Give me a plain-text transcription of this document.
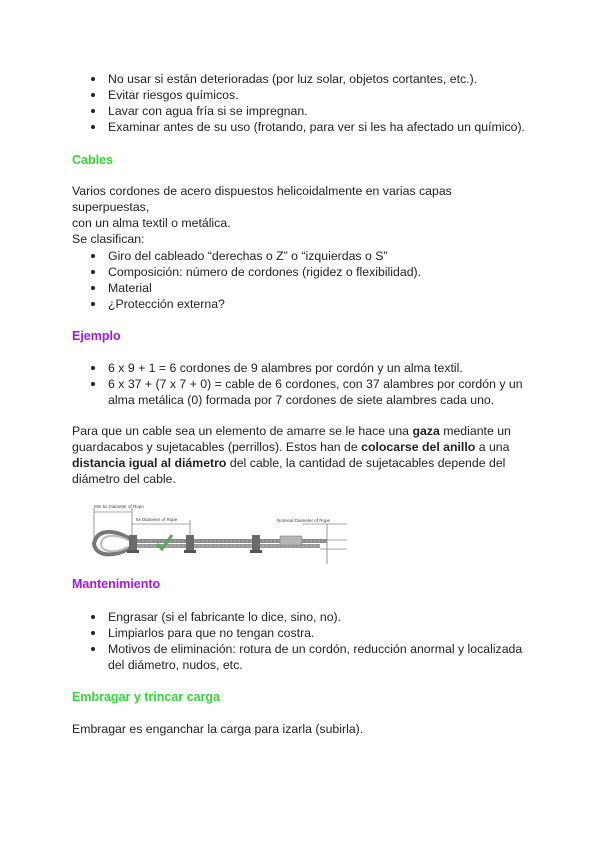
No usar si están deterioradas (por luz solar, objetos cortantes, etc.).
Evitar riesgos químicos.
Lavar con agua fría si se impregnan.
Examinar antes de su uso (frotando, para ver si les ha afectado un químico).
Cables
Varios cordones de acero dispuestos helicoidalmente en varias capas superpuestas,
con un alma textil o metálica.
Se clasifican:
Giro del cableado “derechas o Z” o “izquierdas o S”
Composición: número de cordones (rigidez o flexibilidad).
Material
¿Protección externa?
Ejemplo
6 x 9 + 1 = 6 cordones de 9 alambres por cordón y un alma textil.
6 x 37 + (7 x 7 + 0) = cable de 6 cordones, con 37 alambres por cordón y un
alma metálica (0) formada por 7 cordones de siete alambres cada uno.
Para que un cable sea un elemento de amarre se le hace una gaza mediante un
guardacabos y sujetacables (perrillos). Estos han de colocarse del anillo a una
distancia igual al diámetro del cable, la cantidad de sujetacables depende del
diámetro del cable.
Min 5x Diameter of Rope
6x Diameter of Rope	Nominal Diameter of Rope
Mantenimiento
Engrasar (si el fabricante lo dice, sino, no).
Limpiarlos para que no tengan costra.
Motivos de eliminación: rotura de un cordón, reducción anormal y localizada
del diámetro, nudos, etc.
Embragar y trincar carga
Embragar es enganchar la carga para izarla (subirla).
